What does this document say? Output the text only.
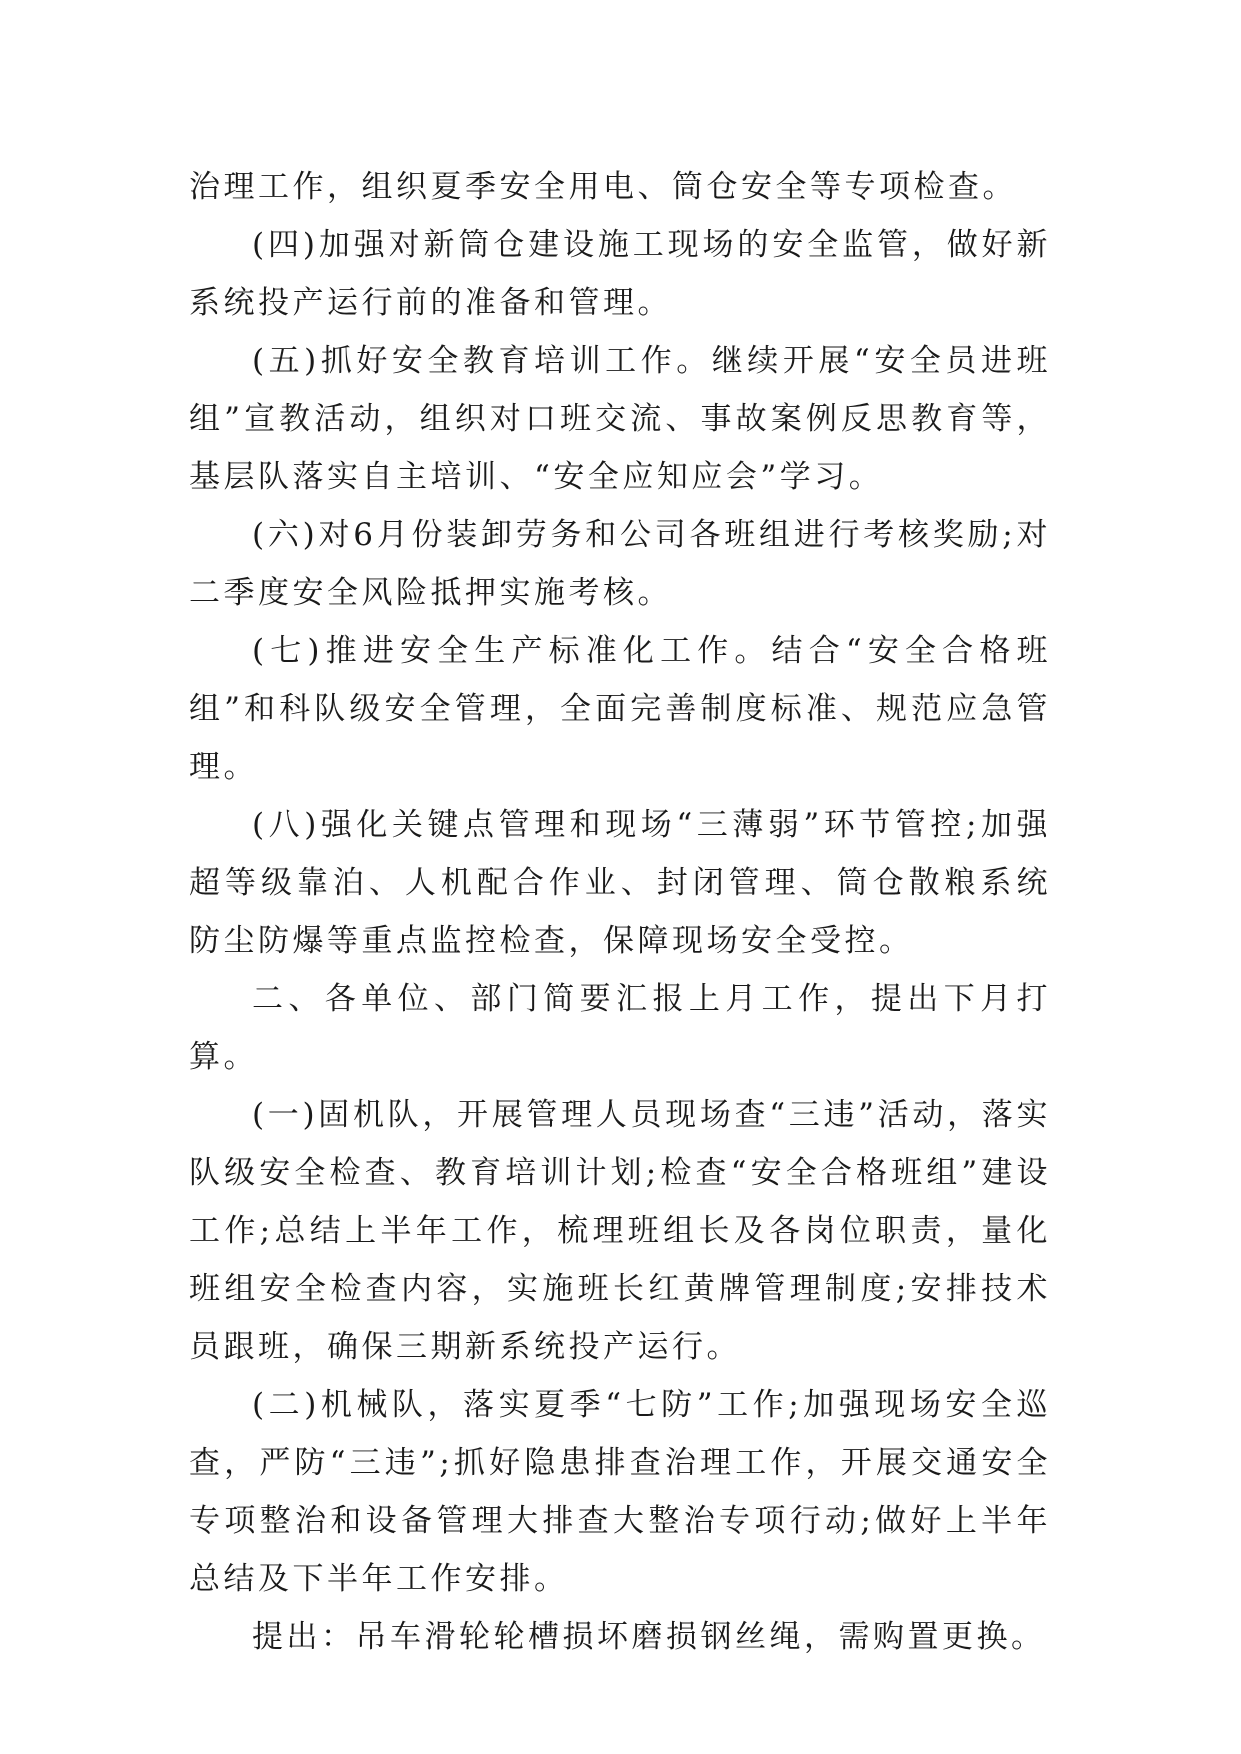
治理工作，组织夏季安全用电、筒仓安全等专项检查。

(四)加强对新筒仓建设施工现场的安全监管，做好新系统投产运行前的准备和管理。

(五)抓好安全教育培训工作。继续开展“安全员进班组”宣教活动，组织对口班交流、事故案例反思教育等，基层队落实自主培训、“安全应知应会”学习。

(六)对6月份装卸劳务和公司各班组进行考核奖励;对二季度安全风险抵押实施考核。

(七)推进安全生产标准化工作。结合“安全合格班组”和科队级安全管理，全面完善制度标准、规范应急管理。

(八)强化关键点管理和现场“三薄弱”环节管控;加强超等级靠泊、人机配合作业、封闭管理、筒仓散粮系统防尘防爆等重点监控检查，保障现场安全受控。

二、各单位、部门简要汇报上月工作，提出下月打算。

(一)固机队，开展管理人员现场查“三违”活动，落实队级安全检查、教育培训计划;检查“安全合格班组”建设工作;总结上半年工作，梳理班组长及各岗位职责，量化班组安全检查内容，实施班长红黄牌管理制度;安排技术员跟班，确保三期新系统投产运行。

(二)机械队，落实夏季“七防”工作;加强现场安全巡查，严防“三违”;抓好隐患排查治理工作，开展交通安全专项整治和设备管理大排查大整治专项行动;做好上半年总结及下半年工作安排。

提出：吊车滑轮轮槽损坏磨损钢丝绳，需购置更换。
